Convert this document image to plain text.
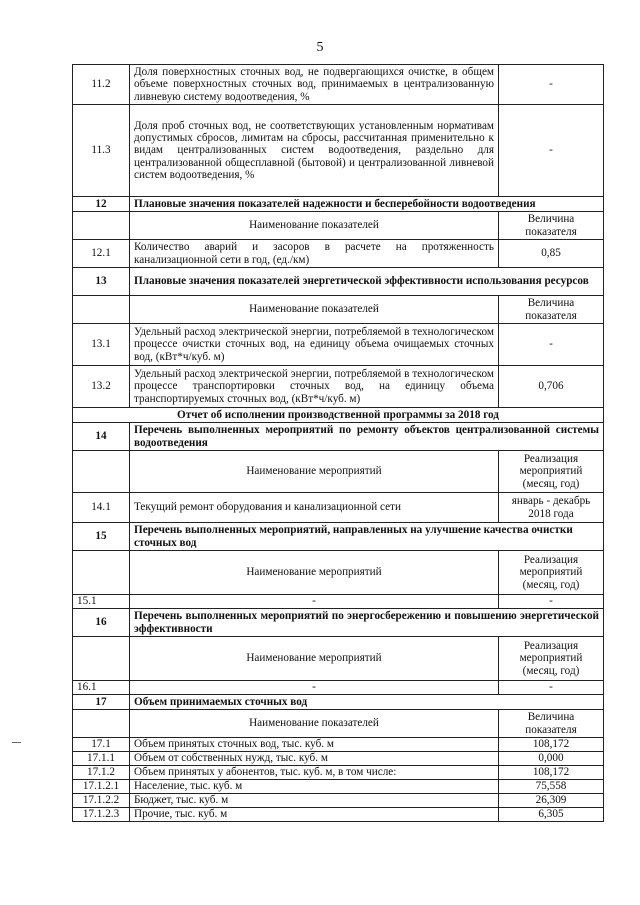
5
11.2	Доля поверхностных сточных вод, не подвергающихся очистке, в общем объеме поверхностных сточных вод, принимаемых в централизованную ливневую систему водоотведения, %	-
11.3	Доля проб сточных вод, не соответствующих установленным нормативам допустимых сбросов, лимитам на сбросы, рассчитанная применительно к видам централизованных систем водоотведения, раздельно для централизованной общесплавной (бытовой) и централизованной ливневой систем водоотведения, %	-
12	Плановые значения показателей надежности и бесперебойности водоотведения	
	Наименование показателей	Величина показателя
12.1	Количество аварий и засоров в расчете на протяженность канализационной сети в год, (ед./км)	0,85
13	Плановые значения показателей энергетической эффективности использования ресурсов	
	Наименование показателей	Величина показателя
13.1	Удельный расход электрической энергии, потребляемой в технологическом процессе очистки сточных вод, на единицу объема очищаемых сточных вод, (кВт*ч/куб. м)	-
13.2	Удельный расход электрической энергии, потребляемой в технологическом процессе транспортировки сточных вод, на единицу объема транспортируемых сточных вод, (кВт*ч/куб. м)	0,706
Отчет об исполнении производственной программы за 2018 год		
14	Перечень выполненных мероприятий по ремонту объектов централизованной системы водоотведения	
	Наименование мероприятий	Реализация мероприятий (месяц, год)
14.1	Текущий ремонт оборудования и канализационной сети	январь - декабрь 2018 года
15	Перечень выполненных мероприятий, направленных на улучшение качества очистки сточных вод	
	Наименование мероприятий	Реализация мероприятий (месяц, год)
15.1	-	-
16	Перечень выполненных мероприятий по энергосбережению и повышению энергетической эффективности	
	Наименование мероприятий	Реализация мероприятий (месяц, год)
16.1	-	-
17	Объем принимаемых сточных вод	
	Наименование показателей	Величина показателя
17.1	Объем принятых сточных вод, тыс. куб. м	108,172
17.1.1	Объем от собственных нужд, тыс. куб. м	0,000
17.1.2	Объем принятых у абонентов, тыс. куб. м, в том числе:	108,172
17.1.2.1	Население, тыс. куб. м	75,558
17.1.2.2	Бюджет, тыс. куб. м	26,309
17.1.2.3	Прочие, тыс. куб. м	6,305
